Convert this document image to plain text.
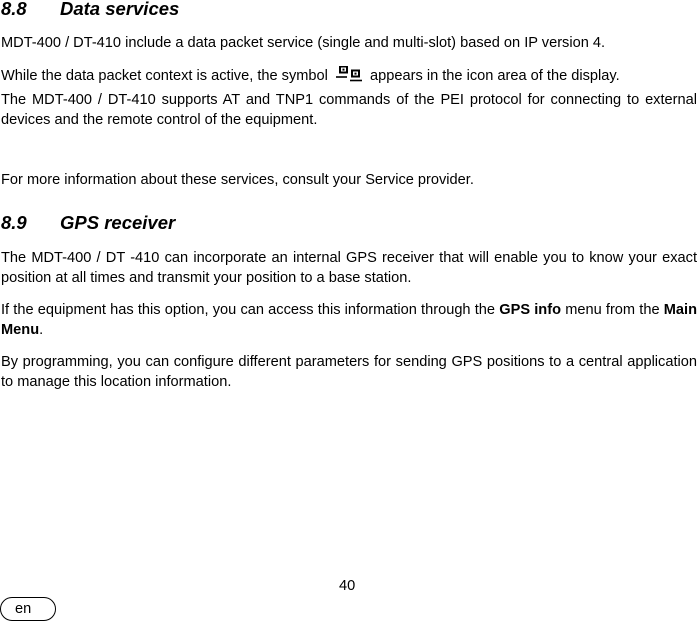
8.8 Data services
MDT-400 / DT-410 include a data packet service (single and multi-slot) based on IP version 4.
While the data packet context is active, the symbol	appears in the icon area of the display.
The MDT-400 / DT-410 supports AT and TNP1 commands of the PEI protocol for connecting to external devices and the remote control of the equipment.
For more information about these services, consult your Service provider.
8.9 GPS receiver
The MDT-400 / DT -410 can incorporate an internal GPS receiver that will enable you to know your exact position at all times and transmit your position to a base station.
If the equipment has this option, you can access this information through the GPS info menu from the Main Menu.
By programming, you can configure different parameters for sending GPS positions to a central application to manage this location information.
40
en
